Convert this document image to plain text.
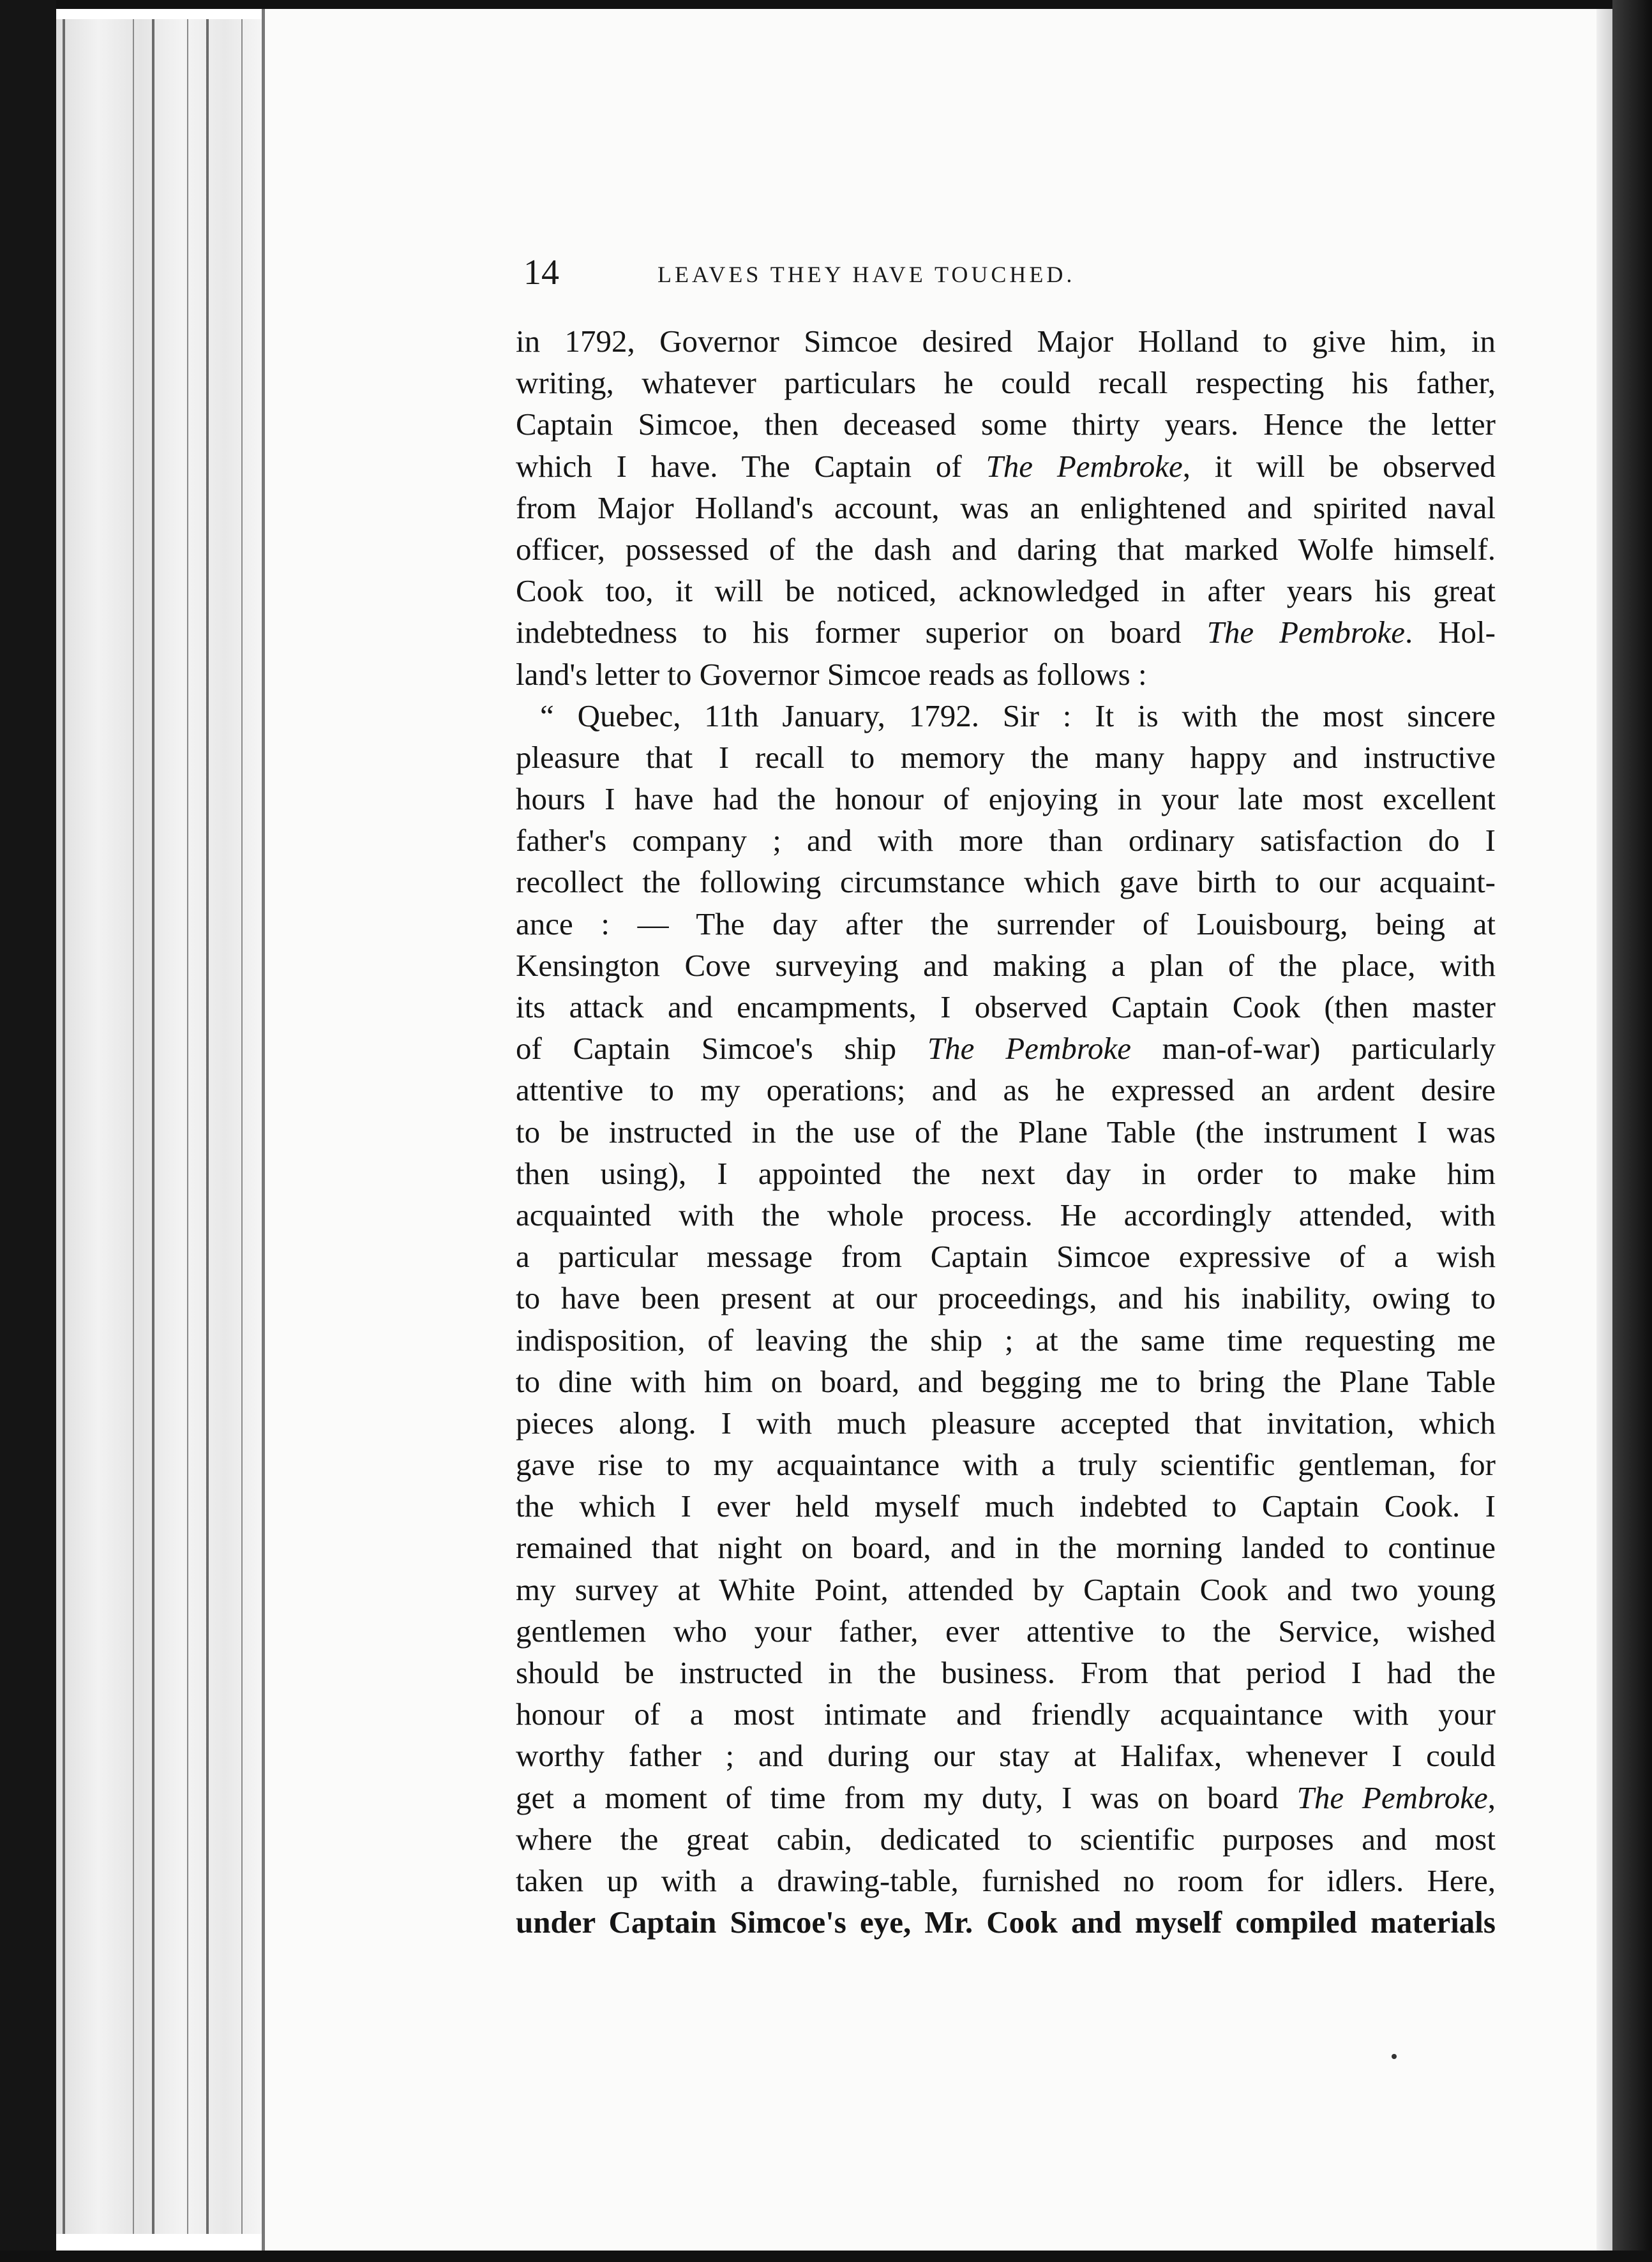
14	LEAVES THEY HAVE TOUCHED.
in 1792, Governor Simcoe desired Major Holland to give him, in
writing, whatever particulars he could recall respecting his father,
Captain Simcoe, then deceased some thirty years. Hence the letter
which I have. The Captain of The Pembroke, it will be observed
from Major Holland's account, was an enlightened and spirited naval
officer, possessed of the dash and daring that marked Wolfe himself.
Cook too, it will be noticed, acknowledged in after years his great
indebtedness to his former superior on board The Pembroke. Hol-
land's letter to Governor Simcoe reads as follows :
“ Quebec, 11th January, 1792. Sir : It is with the most sincere
pleasure that I recall to memory the many happy and instructive
hours I have had the honour of enjoying in your late most excellent
father's company ; and with more than ordinary satisfaction do I
recollect the following circumstance which gave birth to our acquaint-
ance : — The day after the surrender of Louisbourg, being at
Kensington Cove surveying and making a plan of the place, with
its attack and encampments, I observed Captain Cook (then master
of Captain Simcoe's ship The Pembroke man-of-war) particularly
attentive to my operations; and as he expressed an ardent desire
to be instructed in the use of the Plane Table (the instrument I was
then using), I appointed the next day in order to make him
acquainted with the whole process. He accordingly attended, with
a particular message from Captain Simcoe expressive of a wish
to have been present at our proceedings, and his inability, owing to
indisposition, of leaving the ship ; at the same time requesting me
to dine with him on board, and begging me to bring the Plane Table
pieces along. I with much pleasure accepted that invitation, which
gave rise to my acquaintance with a truly scientific gentleman, for
the which I ever held myself much indebted to Captain Cook. I
remained that night on board, and in the morning landed to continue
my survey at White Point, attended by Captain Cook and two young
gentlemen who your father, ever attentive to the Service, wished
should be instructed in the business. From that period I had the
honour of a most intimate and friendly acquaintance with your
worthy father ; and during our stay at Halifax, whenever I could
get a moment of time from my duty, I was on board The Pembroke,
where the great cabin, dedicated to scientific purposes and most
taken up with a drawing-table, furnished no room for idlers. Here,
under Captain Simcoe's eye, Mr. Cook and myself compiled materials
